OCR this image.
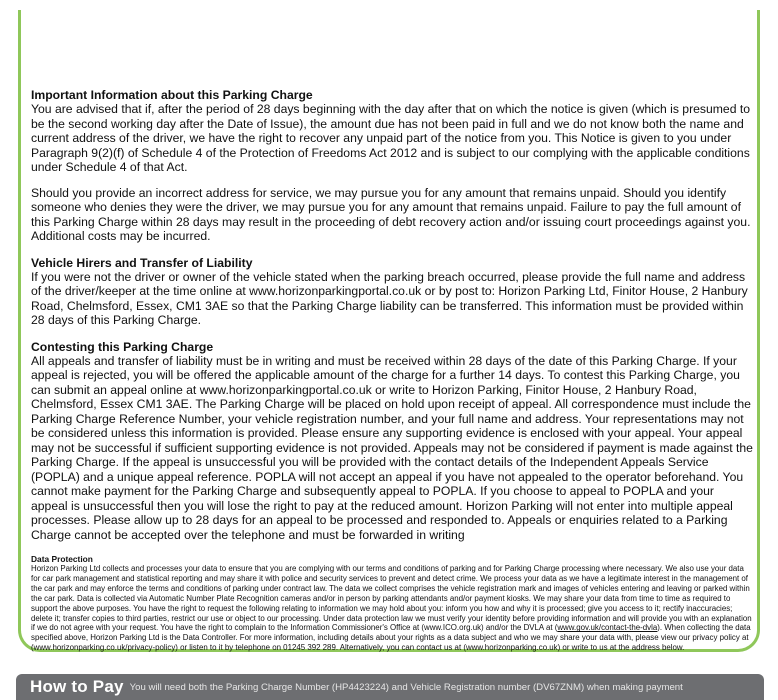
Important Information about this Parking Charge

You are advised that if, after the period of 28 days beginning with the day after that on which the notice is given (which is presumed to be the second working day after the Date of Issue), the amount due has not been paid in full and we do not know both the name and current address of the driver, we have the right to recover any unpaid part of the notice from you. This Notice is given to you under Paragraph 9(2)(f) of Schedule 4 of the Protection of Freedoms Act 2012 and is subject to our complying with the applicable conditions under Schedule 4 of that Act.

Should you provide an incorrect address for service, we may pursue you for any amount that remains unpaid. Should you identify someone who denies they were the driver, we may pursue you for any amount that remains unpaid. Failure to pay the full amount of this Parking Charge within 28 days may result in the proceeding of debt recovery action and/or issuing court proceedings against you. Additional costs may be incurred.

Vehicle Hirers and Transfer of Liability

If you were not the driver or owner of the vehicle stated when the parking breach occurred, please provide the full name and address of the driver/keeper at the time online at www.horizonparkingportal.co.uk or by post to: Horizon Parking Ltd, Finitor House, 2 Hanbury Road, Chelmsford, Essex, CM1 3AE so that the Parking Charge liability can be transferred. This information must be provided within 28 days of this Parking Charge.

Contesting this Parking Charge

All appeals and transfer of liability must be in writing and must be received within 28 days of the date of this Parking Charge. If your appeal is rejected, you will be offered the applicable amount of the charge for a further 14 days. To contest this Parking Charge, you can submit an appeal online at www.horizonparkingportal.co.uk or write to Horizon Parking, Finitor House, 2 Hanbury Road, Chelmsford, Essex CM1 3AE. The Parking Charge will be placed on hold upon receipt of appeal. All correspondence must include the Parking Charge Reference Number, your vehicle registration number, and your full name and address. Your representations may not be considered unless this information is provided. Please ensure any supporting evidence is enclosed with your appeal. Your appeal may not be successful if sufficient supporting evidence is not provided. Appeals may not be considered if payment is made against the Parking Charge. If the appeal is unsuccessful you will be provided with the contact details of the Independent Appeals Service (POPLA) and a unique appeal reference. POPLA will not accept an appeal if you have not appealed to the operator beforehand. You cannot make payment for the Parking Charge and subsequently appeal to POPLA. If you choose to appeal to POPLA and your appeal is unsuccessful then you will lose the right to pay at the reduced amount. Horizon Parking will not enter into multiple appeal processes. Please allow up to 28 days for an appeal to be processed and responded to. Appeals or enquiries related to a Parking Charge cannot be accepted over the telephone and must be forwarded in writing

Data Protection

Horizon Parking Ltd collects and processes your data to ensure that you are complying with our terms and conditions of parking and for Parking Charge processing where necessary. We also use your data for car park management and statistical reporting and may share it with police and security services to prevent and detect crime. We process your data as we have a legitimate interest in the management of the car park and may enforce the terms and conditions of parking under contract law. The data we collect comprises the vehicle registration mark and images of vehicles entering and leaving or parked within the car park. Data is collected via Automatic Number Plate Recognition cameras and/or in person by parking attendants and/or payment kiosks. We may share your data from time to time as required to support the above purposes. You have the right to request the following relating to information we may hold about you: inform you how and why it is processed; give you access to it; rectify inaccuracies; delete it; transfer copies to third parties, restrict our use or object to our processing. Under data protection law we must verify your identity before providing information and will provide you with an explanation if we do not agree with your request. You have the right to complain to the Information Commissioner's Office at (www.ICO.org.uk) and/or the DVLA at (www.gov.uk/contact-the-dvla). When collecting the data specified above, Horizon Parking Ltd is the Data Controller. For more information, including details about your rights as a data subject and who we may share your data with, please view our privacy policy at (www.horizonparking.co.uk/privacy-policy) or listen to it by telephone on 01245 392 289. Alternatively, you can contact us at (www.horizonparking.co.uk) or write to us at the address below.

How to Pay You will need both the Parking Charge Number (HP4423224) and Vehicle Registration number (DV67ZNM) when making payment
